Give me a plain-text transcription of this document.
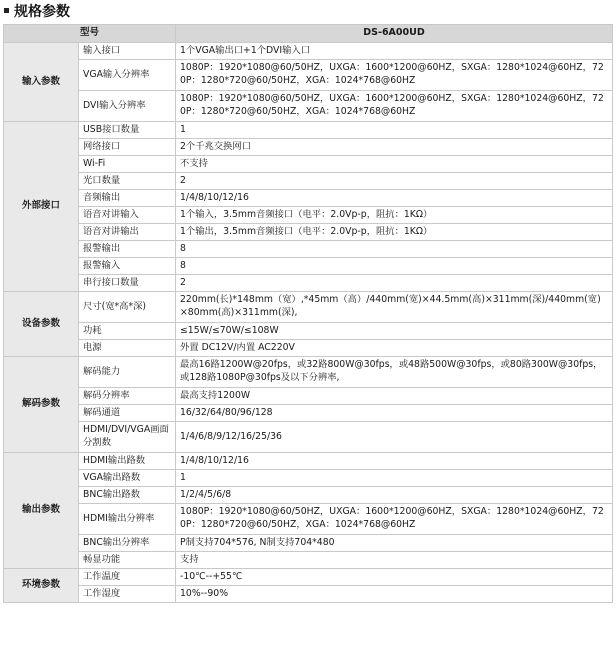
规格参数
型号		DS-6A00UD
输入参数	输入接口	1个VGA输出口+1个DVI输入口
	VGA输入分辨率	1080P：1920*1080@60/50HZ，UXGA：1600*1200@60HZ，SXGA：1280*1024@60HZ，720P：1280*720@60/50HZ，XGA：1024*768@60HZ
	DVI输入分辨率	1080P：1920*1080@60/50HZ，UXGA：1600*1200@60HZ，SXGA：1280*1024@60HZ，720P：1280*720@60/50HZ，XGA：1024*768@60HZ
外部接口	USB接口数量	1
	网络接口	2个千兆交换网口
	Wi-Fi	不支持
	光口数量	2
	音频输出	1/4/8/10/12/16
	语音对讲输入	1个输入，3.5mm音频接口（电平：2.0Vp-p，阻抗：1KΩ）
	语音对讲输出	1个输出，3.5mm音频接口（电平：2.0Vp-p，阻抗：1KΩ）
	报警输出	8
	报警输入	8
	串行接口数量	2
设备参数	尺寸(宽*高*深)	220mm(长)*148mm（宽）,*45mm（高）/440mm(宽)×44.5mm(高)×311mm(深)/440mm(宽)×80mm(高)×311mm(深),
	功耗	≤15W/≤70W/≤108W
	电源	外置 DC12V/内置 AC220V
解码参数	解码能力	最高16路1200W@20fps，或32路800W@30fps，或48路500W@30fps，或80路300W@30fps，或128路1080P@30fps及以下分辨率,
	解码分辨率	最高支持1200W
	解码通道	16/32/64/80/96/128
	HDMI/DVI/VGA画面分割数	1/4/6/8/9/12/16/25/36
输出参数	HDMI输出路数	1/4/8/10/12/16
	VGA输出路数	1
	BNC输出路数	1/2/4/5/6/8
	HDMI输出分辨率	1080P：1920*1080@60/50HZ，UXGA：1600*1200@60HZ，SXGA：1280*1024@60HZ，720P：1280*720@60/50HZ，XGA：1024*768@60HZ
	BNC输出分辨率	P制支持704*576, N制支持704*480
	畅显功能	支持
环境参数	工作温度	-10℃--+55℃
	工作湿度	10%--90%
